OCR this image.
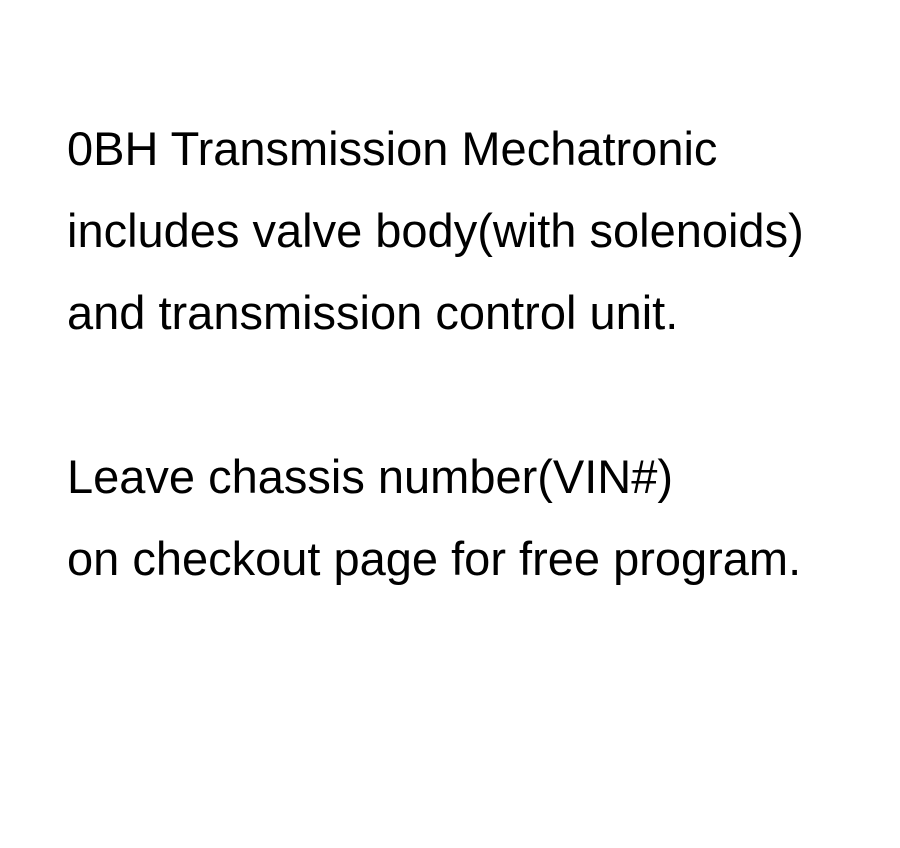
0BH Transmission Mechatronic
includes valve body(with solenoids)
and transmission control unit.
Leave chassis number(VIN#)
on checkout page for free program.
